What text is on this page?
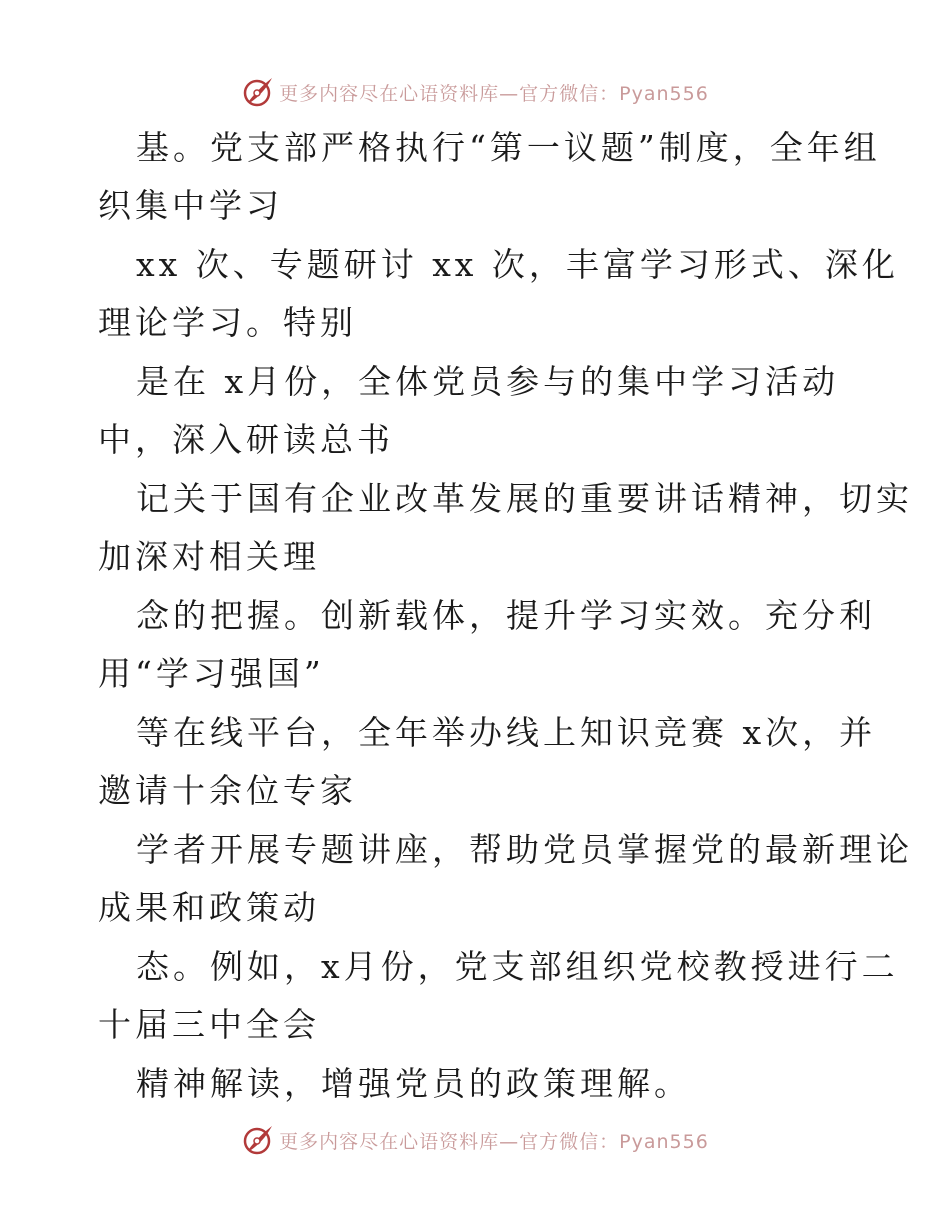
更多内容尽在心语资料库—官方微信：Pyan556
基。党支部严格执行“第一议题”制度，全年组
织集中学习
xx 次、专题研讨 xx 次，丰富学习形式、深化
理论学习。特别
是在 x月份，全体党员参与的集中学习活动
中，深入研读总书
记关于国有企业改革发展的重要讲话精神，切实
加深对相关理
念的把握。创新载体，提升学习实效。充分利
用“学习强国”
等在线平台，全年举办线上知识竞赛 x次，并
邀请十余位专家
学者开展专题讲座，帮助党员掌握党的最新理论
成果和政策动
态。例如，x月份，党支部组织党校教授进行二
十届三中全会
精神解读，增强党员的政策理解。
更多内容尽在心语资料库—官方微信：Pyan556
